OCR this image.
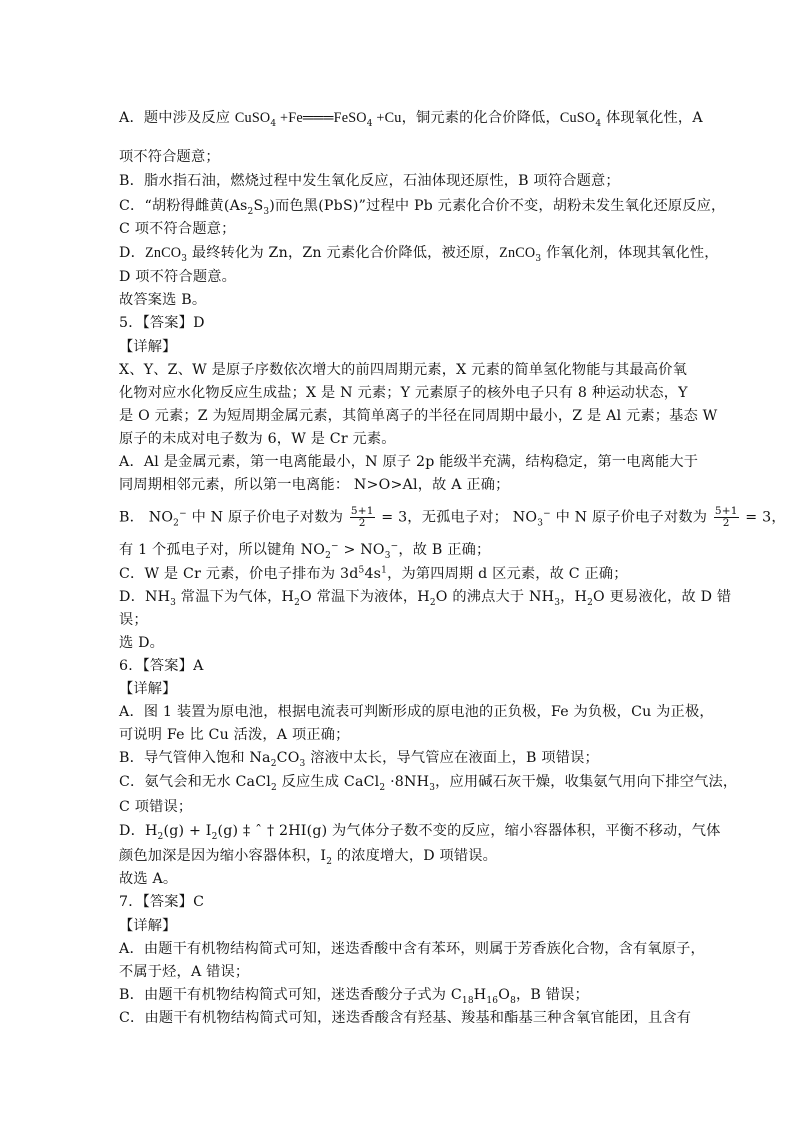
A．题中涉及反应 CuSO$_4$ +Fe═══FeSO$_4$ +Cu，铜元素的化合价降低，CuSO$_4$ 体现氧化性，A
项不符合题意；
B．脂水指石油，燃烧过程中发生氧化反应，石油体现还原性，B 项符合题意；
C．“胡粉得雌黄$(As_2S_3)$而色黑(PbS)”过程中 Pb 元素化合价不变，胡粉未发生氧化还原反应，
C 项不符合题意；
D．ZnCO$_3$ 最终转化为 Zn，Zn 元素化合价降低，被还原，ZnCO$_3$ 作氧化剂，体现其氧化性，
D 项不符合题意。
故答案选 B。
5．【答案】D
【详解】
X、Y、Z、W 是原子序数依次增大的前四周期元素，X 元素的简单氢化物能与其最高价氧
化物对应水化物反应生成盐；X 是 N 元素；Y 元素原子的核外电子只有 8 种运动状态，Y
是 O 元素；Z 为短周期金属元素，其简单离子的半径在同周期中最小，Z 是 Al 元素；基态 W
原子的未成对电子数为 6，W 是 Cr 元素。
A．Al 是金属元素，第一电离能最小，N 原子 2p 能级半充满，结构稳定，第一电离能大于
同周期相邻元素，所以第一电离能： N>O>Al，故 A 正确；
B． $NO_2^-$ 中 N 原子价电子对数为 $\frac{5+1}{2} = 3$，无孤电子对； $NO_3^-$ 中 N 原子价电子对数为 $\frac{5+1}{2} = 3$，
有 1 个孤电子对，所以键角 $NO_2^- > NO_3^-$，故 B 正确；
C．W 是 Cr 元素，价电子排布为 $3d^54s^1$，为第四周期 d 区元素，故 C 正确；
D．$NH_3$ 常温下为气体，$H_2O$ 常温下为液体，$H_2O$ 的沸点大于 $NH_3$，$H_2O$ 更易液化，故 D 错
误；
选 D。
6．【答案】A
【详解】
A．图 1 装置为原电池，根据电流表可判断形成的原电池的正负极，Fe 为负极，Cu 为正极，
可说明 Fe 比 Cu 活泼，A 项正确；
B．导气管伸入饱和 $Na_2CO_3$ 溶液中太长，导气管应在液面上，B 项错误；
C．氨气会和无水 CaCl$_2$ 反应生成 CaCl$_2$ $\cdot 8NH_3$，应用碱石灰干燥，收集氨气用向下排空气法，
C 项错误；
D．$H_2(g) + I_2(g)$ ‡ ˆ † 2HI(g) 为气体分子数不变的反应，缩小容器体积，平衡不移动，气体
颜色加深是因为缩小容器体积，$I_2$ 的浓度增大，D 项错误。
故选 A。
7．【答案】C
【详解】
A．由题干有机物结构简式可知，迷迭香酸中含有苯环，则属于芳香族化合物，含有氧原子，
不属于烃，A 错误；
B．由题干有机物结构简式可知，迷迭香酸分子式为 $C_{18}H_{16}O_8$，B 错误；
C．由题干有机物结构简式可知，迷迭香酸含有羟基、羧基和酯基三种含氧官能团，且含有
